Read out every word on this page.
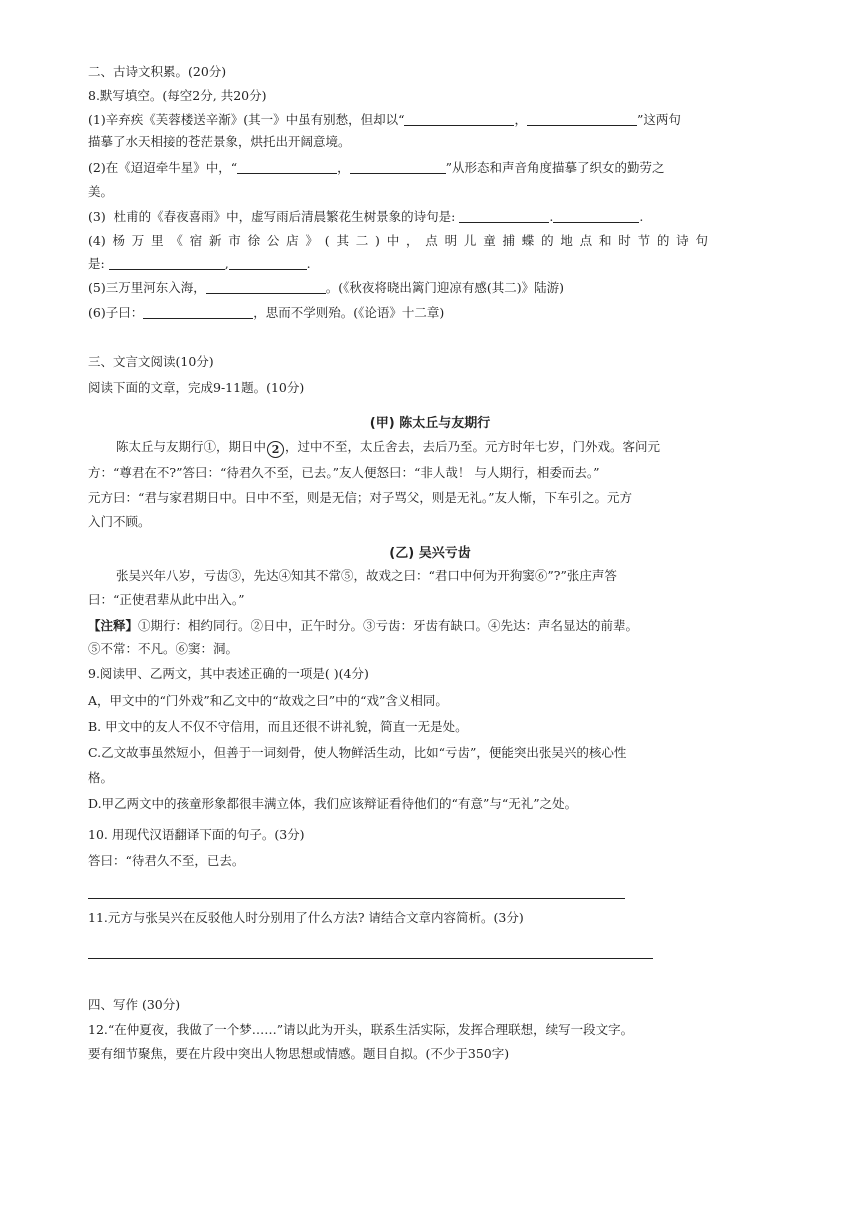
二、古诗文积累。(20分)
8.默写填空。(每空2分, 共20分)
(1)辛弃疾《芙蓉楼送辛渐》(其一》中虽有别愁，但却以“	，	”这两句
描摹了水天相接的苍茫景象，烘托出开阔意境。
(2)在《迢迢牵牛星》中，“	，	”从形态和声音角度描摹了织女的勤劳之
美。
(3)  杜甫的《春夜喜雨》中，虚写雨后清晨繁花生树景象的诗句是:	.	.
(4) 杨 万 里 《 宿 新 市 徐 公 店 》 ( 其 二 ) 中 ， 点 明 儿 童 捕 蝶 的 地 点 和 时 节 的 诗 句
是:	,	.
(5)三万里河东入海，	。(《秋夜将晓出篱门迎凉有感(其二)》陆游)
(6)子曰：	，思而不学则殆。(《论语》十二章)
三、文言文阅读(10分)
阅读下面的文章，完成9-11题。(10分)
(甲) 陈太丘与友期行
陈太丘与友期行①，期日中 2 ，过中不至，太丘舍去，去后乃至。元方时年七岁，门外戏。客问元
方：“尊君在不?”答曰：“待君久不至，已去。”友人便怒曰：“非人哉！ 与人期行，相委而去。”
元方曰：“君与家君期日中。日中不至，则是无信；对子骂父，则是无礼。”友人惭，下车引之。元方
入门不顾。
(乙) 吴兴亏齿
张吴兴年八岁，亏齿③，先达④知其不常⑤，故戏之曰：“君口中何为开狗窦⑥”?”张庄声答
曰：“正使君辈从此中出入。”
【注释】①期行：相约同行。②日中，正午时分。③亏齿：牙齿有缺口。④先达：声名显达的前辈。
⑤不常：不凡。⑥窦：洞。
9.阅读甲、乙两文，其中表述正确的一项是( )(4分)
A，甲文中的“门外戏”和乙文中的“故戏之曰”中的“戏”含义相同。
B. 甲文中的友人不仅不守信用，而且还很不讲礼貌，简直一无是处。
C.乙文故事虽然短小，但善于一词刻骨，使人物鲜活生动，比如“亏齿”，便能突出张吴兴的核心性
格。
D.甲乙两文中的孩童形象都很丰满立体，我们应该辩证看待他们的“有意”与“无礼”之处。
10. 用现代汉语翻译下面的句子。(3分)
答曰：“待君久不至，已去。
11.元方与张吴兴在反驳他人时分别用了什么方法? 请结合文章内容简析。(3分)
四、写作 (30分)
12.“在仲夏夜，我做了一个梦……”请以此为开头，联系生活实际，发挥合理联想，续写一段文字。
要有细节聚焦，要在片段中突出人物思想或情感。题目自拟。(不少于350字)
